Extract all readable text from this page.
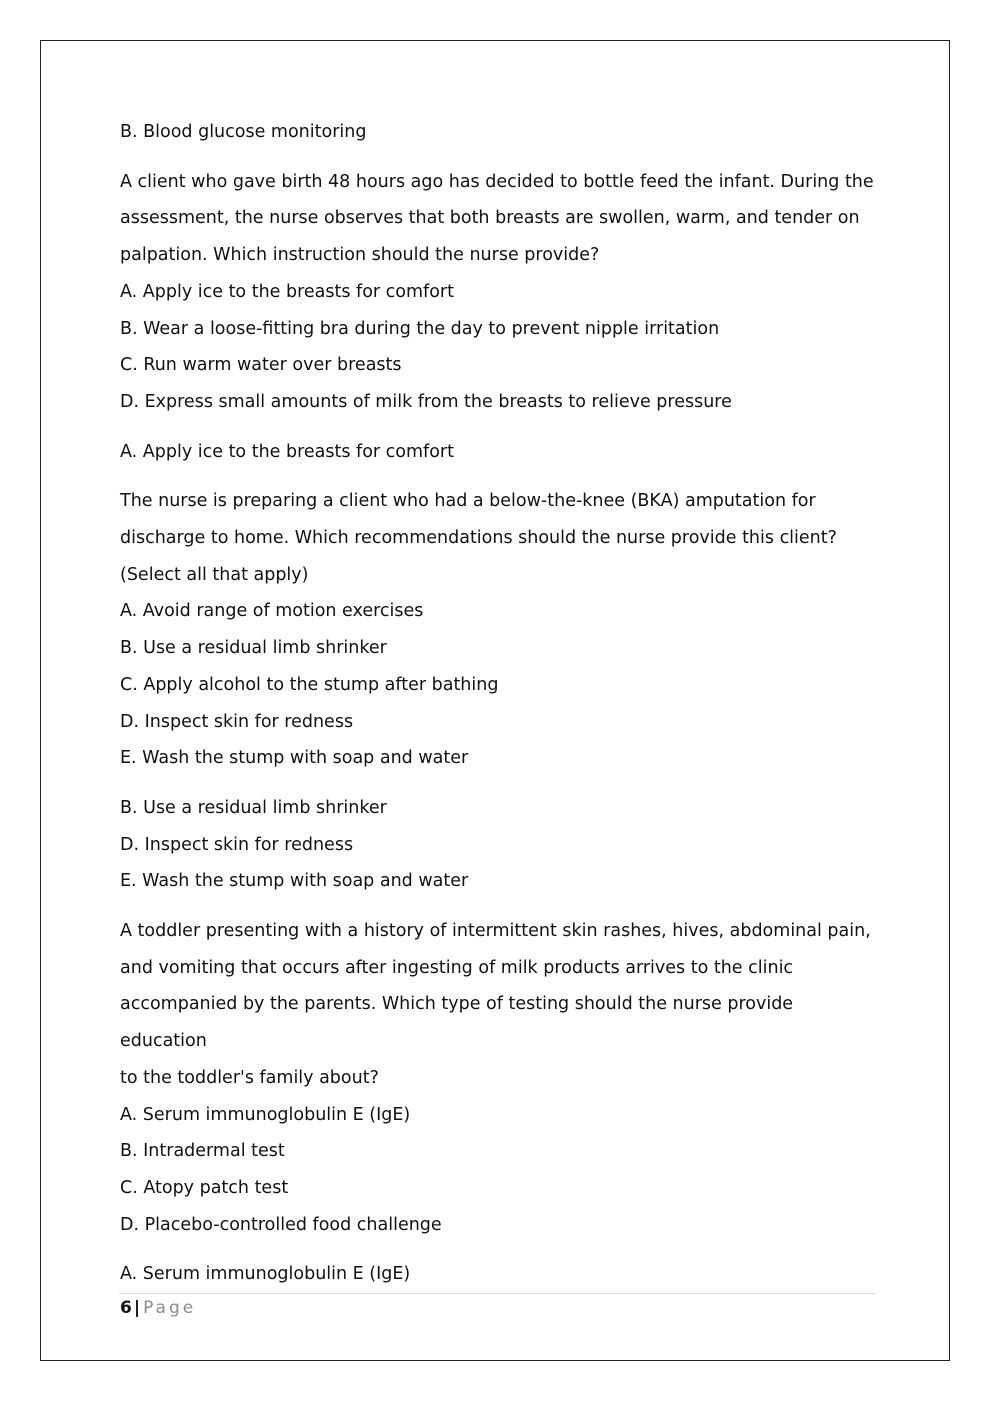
B. Blood glucose monitoring

A client who gave birth 48 hours ago has decided to bottle feed the infant. During the

assessment, the nurse observes that both breasts are swollen, warm, and tender on

palpation. Which instruction should the nurse provide?

A. Apply ice to the breasts for comfort

B. Wear a loose-fitting bra during the day to prevent nipple irritation

C. Run warm water over breasts

D. Express small amounts of milk from the breasts to relieve pressure

A. Apply ice to the breasts for comfort

The nurse is preparing a client who had a below-the-knee (BKA) amputation for

discharge to home. Which recommendations should the nurse provide this client?

(Select all that apply)

A. Avoid range of motion exercises

B. Use a residual limb shrinker

C. Apply alcohol to the stump after bathing

D. Inspect skin for redness

E. Wash the stump with soap and water

B. Use a residual limb shrinker

D. Inspect skin for redness

E. Wash the stump with soap and water

A toddler presenting with a history of intermittent skin rashes, hives, abdominal pain,

and vomiting that occurs after ingesting of milk products arrives to the clinic

accompanied by the parents. Which type of testing should the nurse provide education

to the toddler's family about?

A. Serum immunoglobulin E (IgE)

B. Intradermal test

C. Atopy patch test

D. Placebo-controlled food challenge

A. Serum immunoglobulin E (IgE)

6 | Page
